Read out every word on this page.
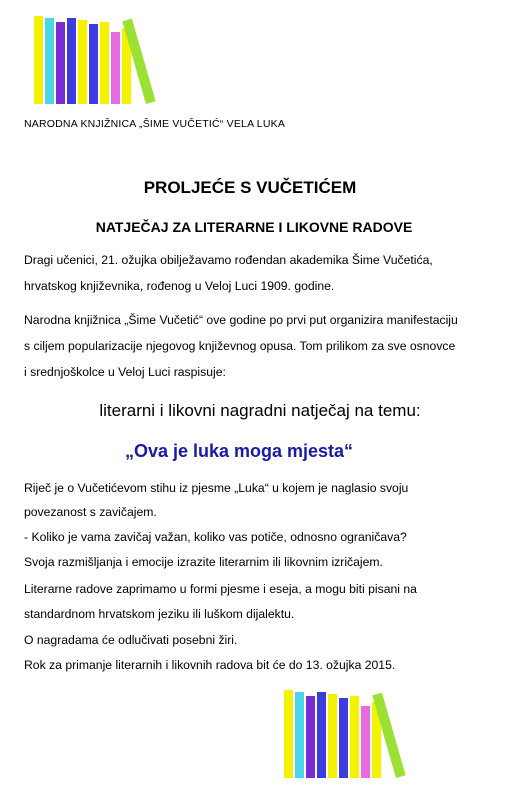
NARODNA KNJIŽNICA „ŠIME VUČETIĆ“ VELA LUKA
PROLJEĆE S VUČETIĆEM
NATJEČAJ ZA LITERARNE I LIKOVNE RADOVE
Dragi učenici, 21. ožujka obilježavamo rođendan akademika Šime Vučetića,
hrvatskog književnika, rođenog u Veloj Luci 1909. godine.
Narodna knjižnica „Šime Vučetić“ ove godine po prvi put organizira manifestaciju
s ciljem popularizacije njegovog književnog opusa. Tom prilikom za sve osnovce
i srednjoškolce u Veloj Luci raspisuje:
literarni i likovni nagradni natječaj na temu:
„Ova je luka moga mjesta“
Riječ je o Vučetićevom stihu iz pjesme „Luka“ u kojem je naglasio svoju
povezanost s zavičajem.
- Koliko je vama zavičaj važan, koliko vas potiče, odnosno ograničava?
Svoja razmišljanja i emocije izrazite literarnim ili likovnim izričajem.
Literarne radove zaprimamo u formi pjesme i eseja, a mogu biti pisani na
standardnom hrvatskom jeziku ili luškom dijalektu.
O nagradama će odlučivati posebni žiri.
Rok za primanje literarnih i likovnih radova bit će do 13. ožujka 2015.
